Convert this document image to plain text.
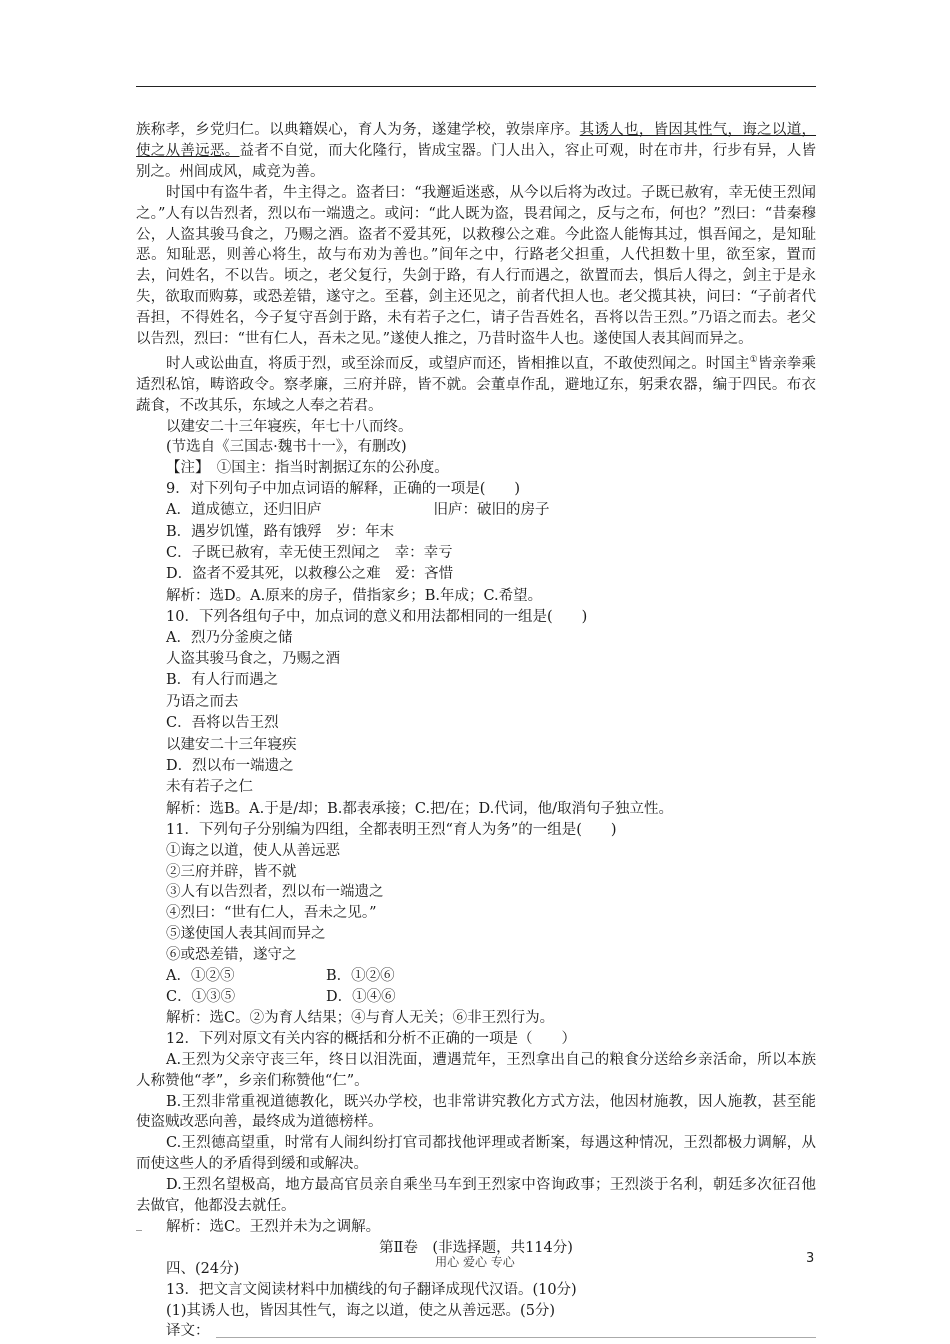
族称孝，乡党归仁。以典籍娱心，育人为务，遂建学校，敦崇庠序。其诱人也，皆因其性气，诲之以道，使之从善远恶。益者不自觉，而大化隆行，皆成宝器。门人出入，容止可观，时在市井，行步有异，人皆别之。州闾成风，咸竞为善。

时国中有盗牛者，牛主得之。盗者曰：“我邂逅迷惑，从今以后将为改过。子既已赦宥，幸无使王烈闻之。”人有以告烈者，烈以布一端遗之。或问：“此人既为盗，畏君闻之，反与之布，何也？”烈曰：“昔秦穆公，人盗其骏马食之，乃赐之酒。盗者不爱其死，以救穆公之难。今此盗人能悔其过，惧吾闻之，是知耻恶。知耻恶，则善心将生，故与布劝为善也。”间年之中，行路老父担重，人代担数十里，欲至家，置而去，问姓名，不以告。顷之，老父复行，失剑于路，有人行而遇之，欲置而去，惧后人得之，剑主于是永失，欲取而购募，或恐差错，遂守之。至暮，剑主还见之，前者代担人也。老父揽其袂，问曰：“子前者代吾担，不得姓名，今子复守吾剑于路，未有若子之仁，请子告吾姓名，吾将以告王烈。”乃语之而去。老父以告烈，烈曰：“世有仁人，吾未之见。”遂使人推之，乃昔时盗牛人也。遂使国人表其闾而异之。

时人或讼曲直，将质于烈，或至涂而反，或望庐而还，皆相推以直，不敢使烈闻之。时国主①皆亲拳乘适烈私馆，畴谘政令。察孝廉，三府并辟，皆不就。会董卓作乱，避地辽东，躬秉农器，编于四民。布衣蔬食，不改其乐，东域之人奉之若君。

以建安二十三年寝疾，年七十八而终。

(节选自《三国志·魏书十一》，有删改)

【注】　①国主：指当时割据辽东的公孙度。

9．对下列句子中加点词语的解释，正确的一项是(　　)

A．道成德立，还归旧庐	旧庐：破旧的房子

B．遇岁饥馑，路有饿殍　岁：年末

C．子既已赦宥，幸无使王烈闻之　幸：幸亏

D．盗者不爱其死，以救穆公之难　爱：吝惜

解析：选D。A.原来的房子，借指家乡；B.年成；C.希望。

10．下列各组句子中，加点词的意义和用法都相同的一组是(　　)

A．烈乃分釜庾之储

人盗其骏马食之，乃赐之酒

B．有人行而遇之

乃语之而去

C．吾将以告王烈

以建安二十三年寝疾

D．烈以布一端遗之

未有若子之仁

解析：选B。A.于是/却；B.都表承接；C.把/在；D.代词，他/取消句子独立性。

11．下列句子分别编为四组，全都表明王烈“育人为务”的一组是(　　)

①诲之以道，使人从善远恶

②三府并辟，皆不就

③人有以告烈者，烈以布一端遗之

④烈曰：“世有仁人，吾未之见。”

⑤遂使国人表其闾而异之

⑥或恐差错，遂守之

A．①②⑤	B．①②⑥
C．①③⑤	D．①④⑥

解析：选C。②为育人结果；④与育人无关；⑥非王烈行为。

12．下列对原文有关内容的概括和分析不正确的一项是（　　）

A.王烈为父亲守丧三年，终日以泪洗面，遭遇荒年，王烈拿出自己的粮食分送给乡亲活命，所以本族人称赞他“孝”，乡亲们称赞他“仁”。

B.王烈非常重视道德教化，既兴办学校，也非常讲究教化方式方法，他因材施教，因人施教，甚至能使盗贼改恶向善，最终成为道德榜样。

C.王烈德高望重，时常有人闹纠纷打官司都找他评理或者断案，每遇这种情况，王烈都极力调解，从而使这些人的矛盾得到缓和或解决。

D.王烈名望极高，地方最高官员亲自乘坐马车到王烈家中咨询政事；王烈淡于名利，朝廷多次征召他去做官，他都没去就任。

解析：选C。王烈并未为之调解。

第Ⅱ卷　(非选择题，共114分)

四、(24分)

13．把文言文阅读材料中加横线的句子翻译成现代汉语。(10分)

(1)其诱人也，皆因其性气，诲之以道，使之从善远恶。(5分)

译文：
_
用心 爱心 专心	3
